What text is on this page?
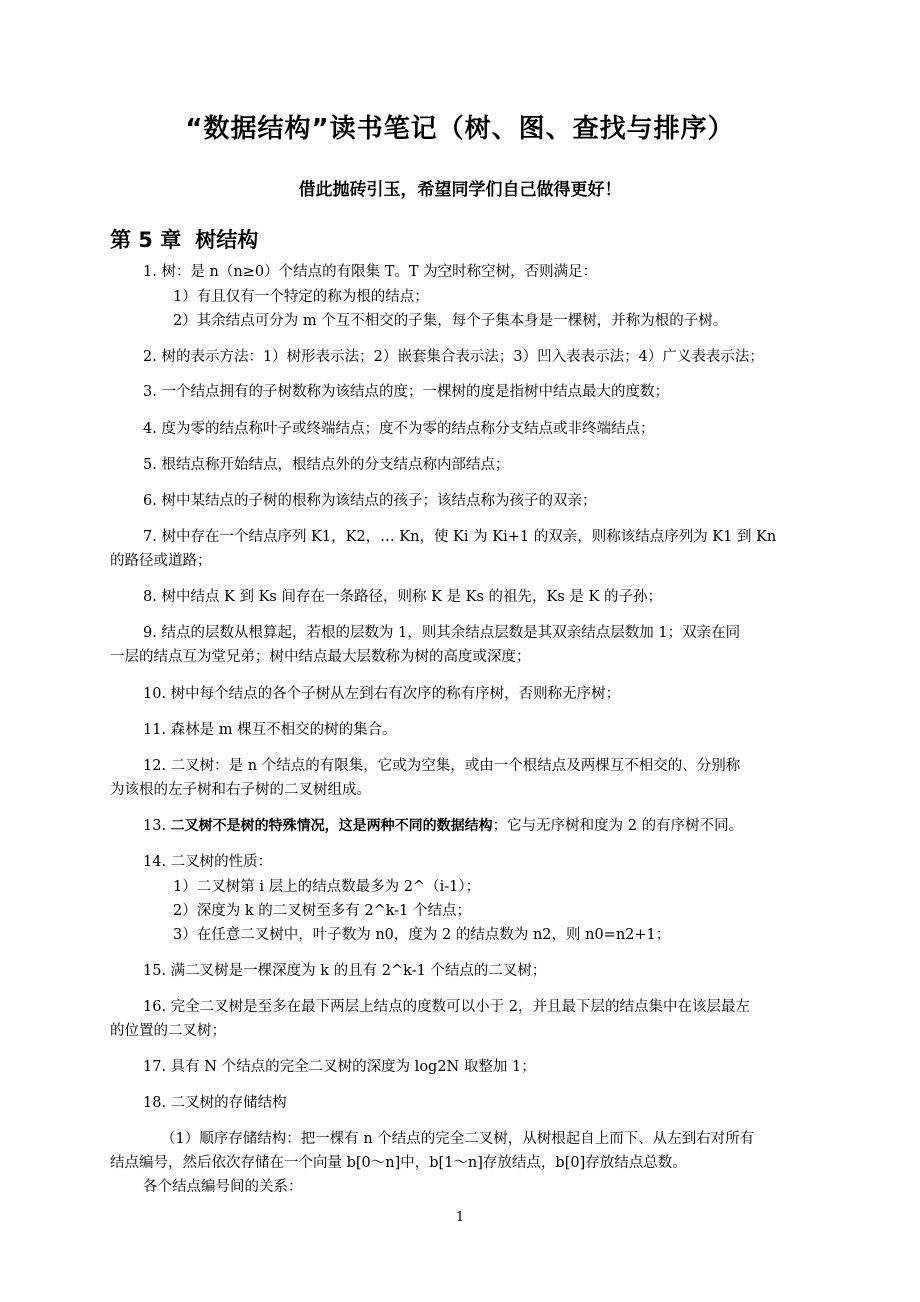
“数据结构”读书笔记（树、图、查找与排序）
借此抛砖引玉，希望同学们自己做得更好！
第 5 章 树结构
1. 树：是 n（n≥0）个结点的有限集 T。T 为空时称空树，否则满足：
1）有且仅有一个特定的称为根的结点；
2）其余结点可分为 m 个互不相交的子集，每个子集本身是一棵树，并称为根的子树。
2. 树的表示方法：1）树形表示法；2）嵌套集合表示法；3）凹入表表示法；4）广义表表示法；
3. 一个结点拥有的子树数称为该结点的度；一棵树的度是指树中结点最大的度数；
4. 度为零的结点称叶子或终端结点；度不为零的结点称分支结点或非终端结点；
5. 根结点称开始结点，根结点外的分支结点称内部结点；
6. 树中某结点的子树的根称为该结点的孩子；该结点称为孩子的双亲；
7. 树中存在一个结点序列 K1，K2，… Kn，使 Ki 为 Ki+1 的双亲，则称该结点序列为 K1 到 Kn
的路径或道路；
8. 树中结点 K 到 Ks 间存在一条路径，则称 K 是 Ks 的祖先，Ks 是 K 的子孙；
9. 结点的层数从根算起，若根的层数为 1，则其余结点层数是其双亲结点层数加 1；双亲在同
一层的结点互为堂兄弟；树中结点最大层数称为树的高度或深度；
10. 树中每个结点的各个子树从左到右有次序的称有序树，否则称无序树；
11. 森林是 m 棵互不相交的树的集合。
12. 二叉树：是 n 个结点的有限集，它或为空集，或由一个根结点及两棵互不相交的、分别称
为该根的左子树和右子树的二叉树组成。
13. 二叉树不是树的特殊情况，这是两种不同的数据结构；它与无序树和度为 2 的有序树不同。
14. 二叉树的性质：
1）二叉树第 i 层上的结点数最多为 2^（i-1）；
2）深度为 k 的二叉树至多有 2^k-1 个结点；
3）在任意二叉树中，叶子数为 n0，度为 2 的结点数为 n2，则 n0=n2+1；
15. 满二叉树是一棵深度为 k 的且有 2^k-1 个结点的二叉树；
16. 完全二叉树是至多在最下两层上结点的度数可以小于 2，并且最下层的结点集中在该层最左
的位置的二叉树；
17. 具有 N 个结点的完全二叉树的深度为 log2N 取整加 1；
18. 二叉树的存储结构
（1）顺序存储结构：把一棵有 n 个结点的完全二叉树，从树根起自上而下、从左到右对所有
结点编号，然后依次存储在一个向量 b[0～n]中，b[1～n]存放结点，b[0]存放结点总数。
各个结点编号间的关系：
1
